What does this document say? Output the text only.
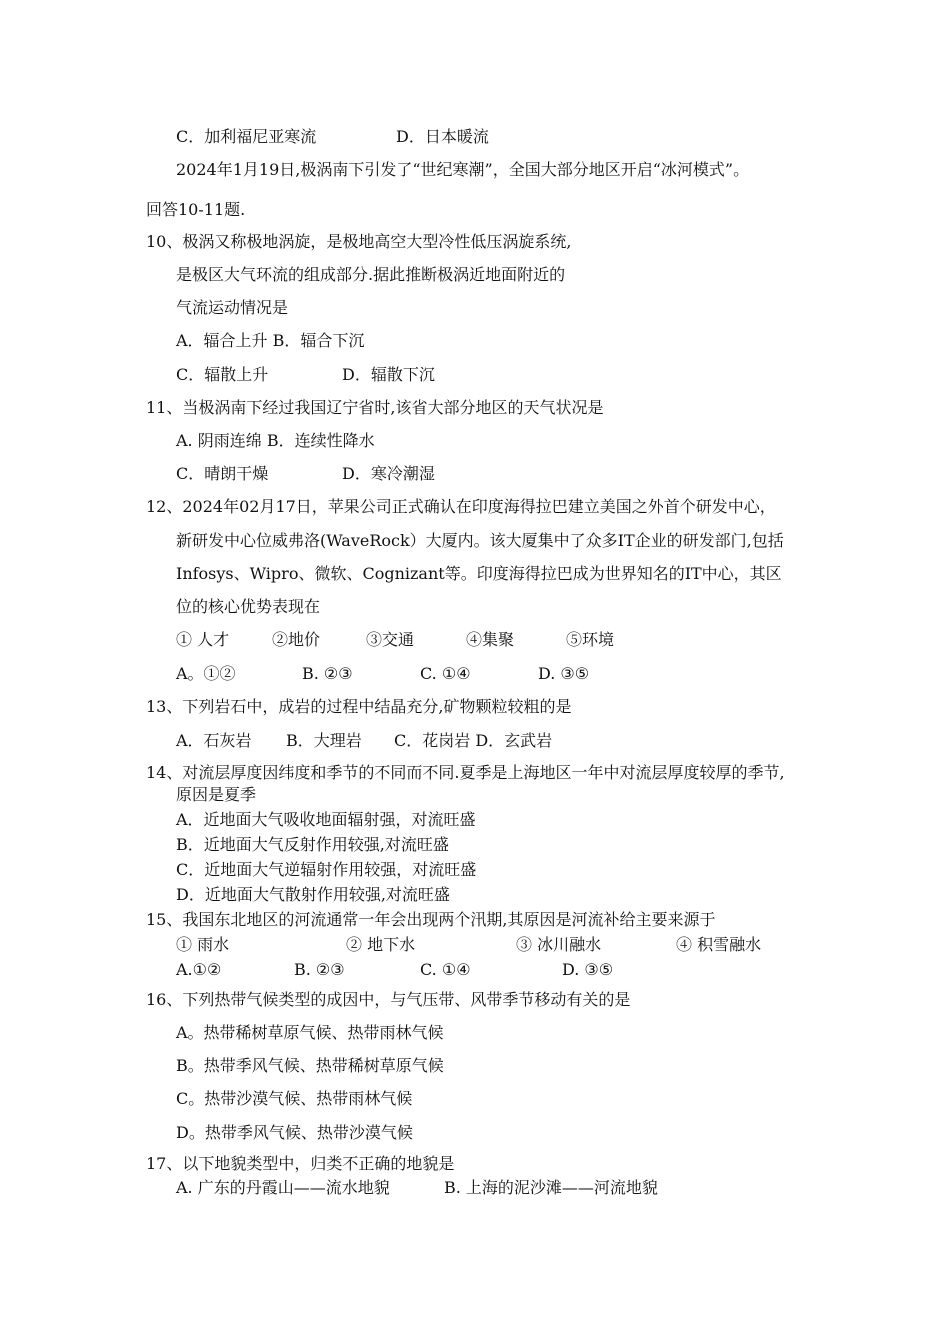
C．加利福尼亚寒流	D．日本暖流
2024年1月19日,极涡南下引发了“世纪寒潮”，全国大部分地区开启“冰河模式”。
回答10-11题.
10、极涡又称极地涡旋，是极地高空大型冷性低压涡旋系统,
是极区大气环流的组成部分.据此推断极涡近地面附近的
气流运动情况是
A．辐合上升 B．辐合下沉
C．辐散上升	D．辐散下沉
11、当极涡南下经过我国辽宁省时,该省大部分地区的天气状况是
A. 阴雨连绵 B．连续性降水
C．晴朗干燥	D．寒冷潮湿
12、2024年02月17日，苹果公司正式确认在印度海得拉巴建立美国之外首个研发中心，
新研发中心位威弗洛(WaveRock）大厦内。该大厦集中了众多IT企业的研发部门,包括
Infosys、Wipro、微软、Cognizant等。印度海得拉巴成为世界知名的IT中心，其区
位的核心优势表现在
① 人才	②地价	③交通	④集聚	⑤环境
A。①②	B. ②③	C. ①④	D. ③⑤
13、下列岩石中，成岩的过程中结晶充分,矿物颗粒较粗的是
A．石灰岩 B．大理岩 C．花岗岩 D．玄武岩
14、对流层厚度因纬度和季节的不同而不同.夏季是上海地区一年中对流层厚度较厚的季节,
原因是夏季
A．近地面大气吸收地面辐射强，对流旺盛
B．近地面大气反射作用较强,对流旺盛
C．近地面大气逆辐射作用较强，对流旺盛
D．近地面大气散射作用较强,对流旺盛
15、我国东北地区的河流通常一年会出现两个汛期,其原因是河流补给主要来源于
① 雨水	② 地下水	③ 冰川融水	④ 积雪融水
A.①②	B. ②③	C. ①④	D. ③⑤
16、下列热带气候类型的成因中，与气压带、风带季节移动有关的是
A。热带稀树草原气候、热带雨林气候
B。热带季风气候、热带稀树草原气候
C。热带沙漠气候、热带雨林气候
D。热带季风气候、热带沙漠气候
17、以下地貌类型中，归类不正确的地貌是
A. 广东的丹霞山——流水地貌	B. 上海的泥沙滩——河流地貌
